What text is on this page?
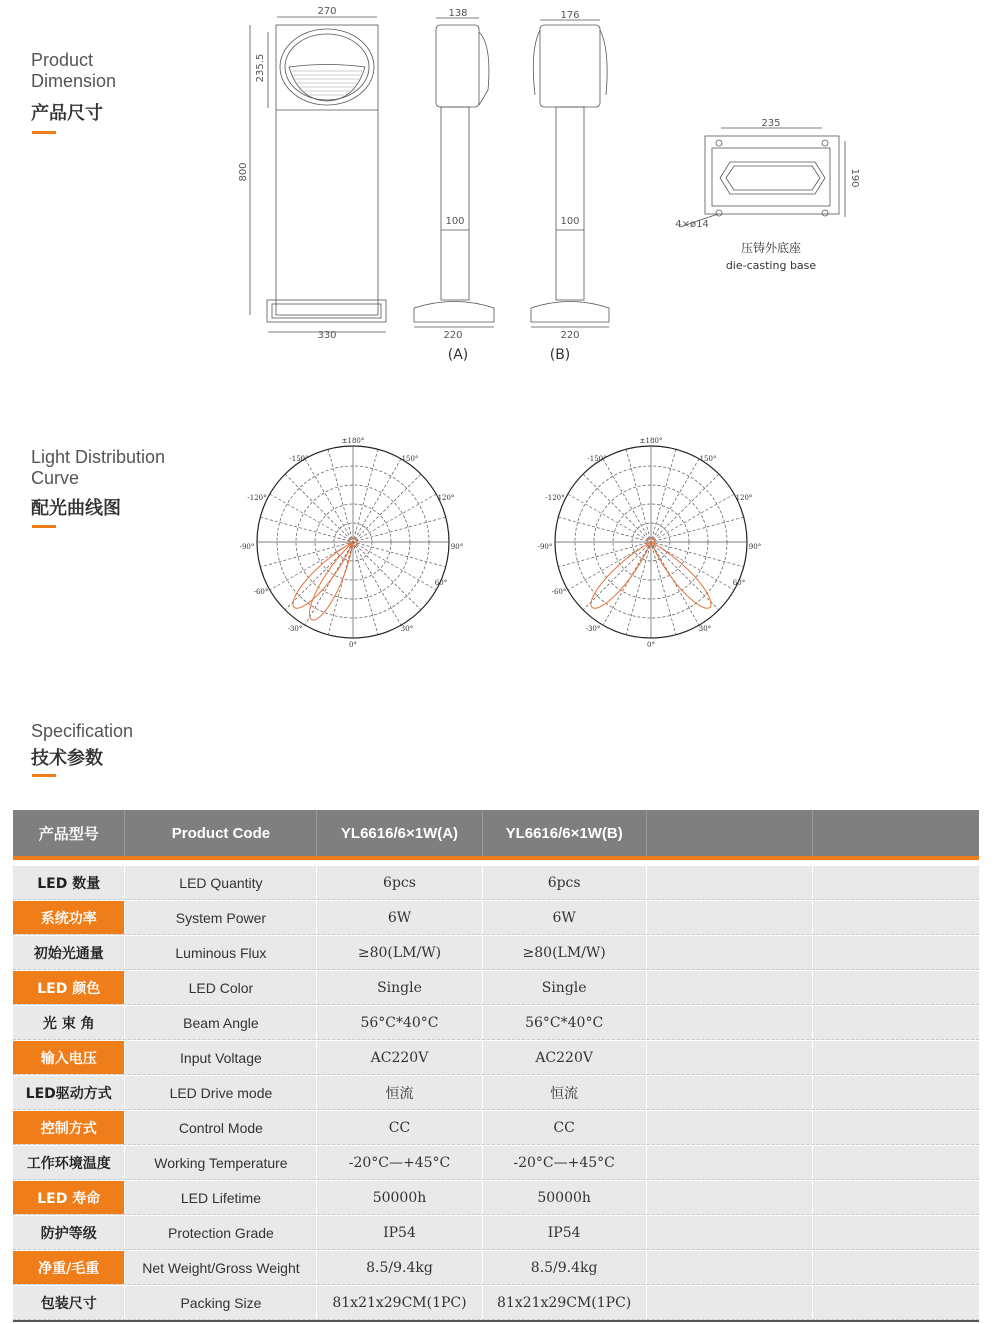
Product
Dimension
产品尺寸
Light Distribution
Curve
配光曲线图
Specification
技术参数
270
235.5
800
330
138
100
220
(A)
176
100
220
(B)
235
190
4×ø14
压铸外底座
die-casting base
±180°
-150°	150°
-120°	120°
-90°	90°
-60°
60°
-30°	30°
0°
±180°
-150°	150°
-120°	120°
-90°	90°
-60°
60°
-30°	30°
0°
产品型号	Product Code	YL6616/6×1W(A)	YL6616/6×1W(B)
LED 数量	LED Quantity	6pcs	6pcs
系统功率	System Power	6W	6W
初始光通量	Luminous Flux	≥80(LM/W)	≥80(LM/W)
LED 颜色	LED Color	Single	Single
光 束 角	Beam Angle	56°C*40°C	56°C*40°C
输入电压	Input Voltage	AC220V	AC220V
LED驱动方式	LED Drive mode	恒流	恒流
控制方式	Control Mode	CC	CC
工作环境温度	Working Temperature	-20°C—+45°C	-20°C—+45°C
LED 寿命	LED Lifetime	50000h	50000h
防护等级	Protection Grade	IP54	IP54
净重/毛重	Net Weight/Gross Weight	8.5/9.4kg	8.5/9.4kg
包装尺寸	Packing Size	81x21x29CM(1PC)	81x21x29CM(1PC)
